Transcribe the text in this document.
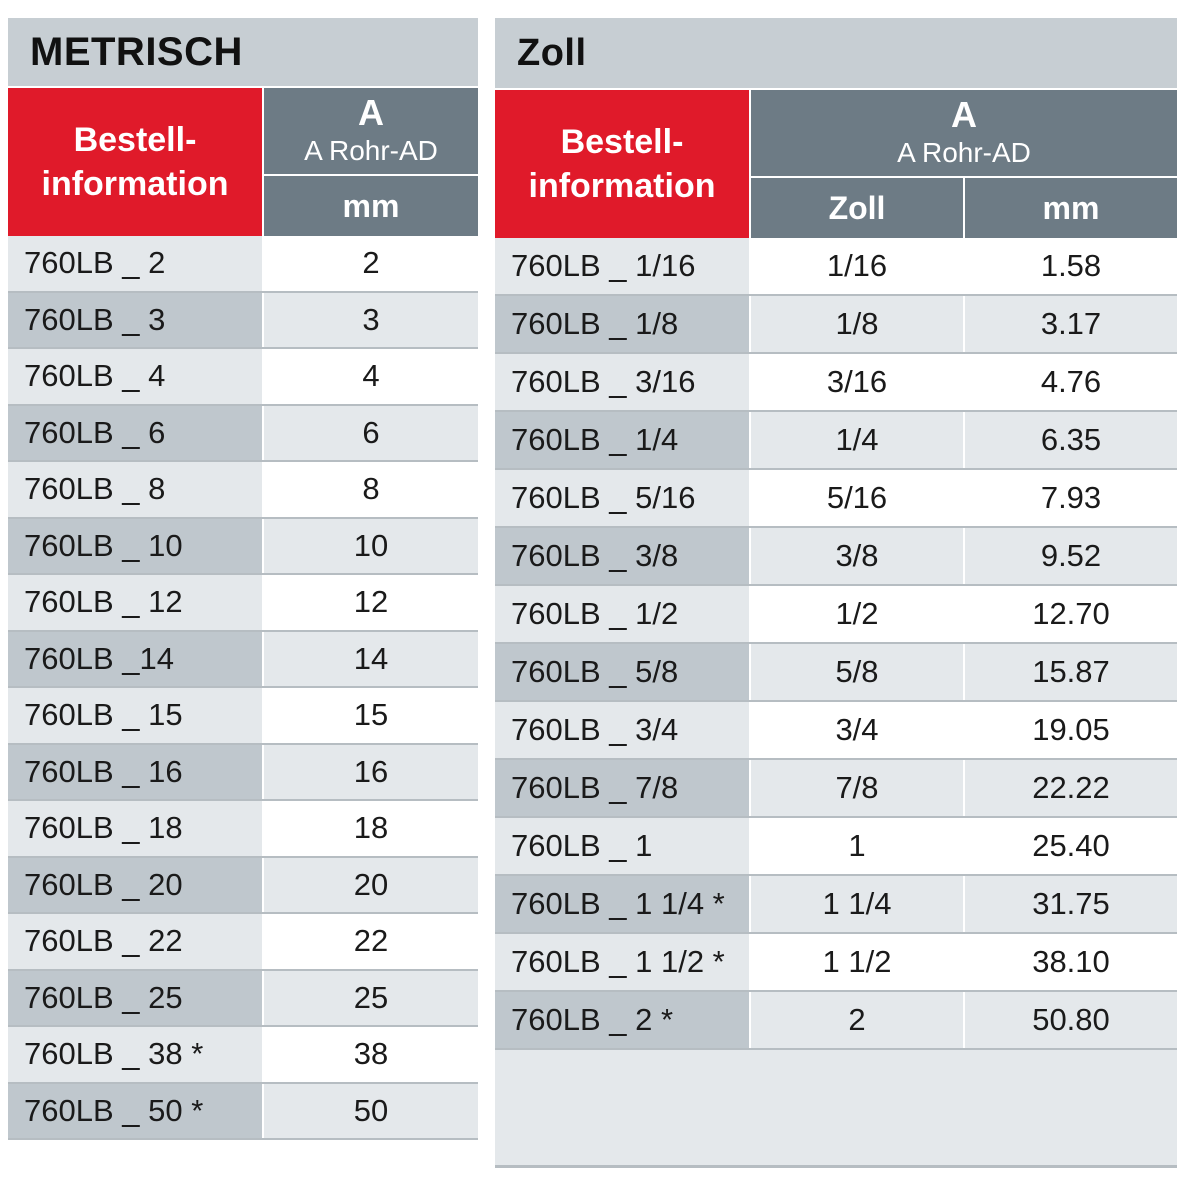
METRISCH
Bestell-
information
A
A Rohr-AD
mm
760LB _ 2	2
760LB _ 3	3
760LB _ 4	4
760LB _ 6	6
760LB _ 8	8
760LB _ 10	10
760LB _ 12	12
760LB _14	14
760LB _ 15	15
760LB _ 16	16
760LB _ 18	18
760LB _ 20	20
760LB _ 22	22
760LB _ 25	25
760LB _ 38 *	38
760LB _ 50 *	50
Zoll
Bestell-
information
A
A Rohr-AD
Zoll	mm
760LB _ 1/16	1/16	1.58
760LB _ 1/8	1/8	3.17
760LB _ 3/16	3/16	4.76
760LB _ 1/4	1/4	6.35
760LB _ 5/16	5/16	7.93
760LB _ 3/8	3/8	9.52
760LB _ 1/2	1/2	12.70
760LB _ 5/8	5/8	15.87
760LB _ 3/4	3/4	19.05
760LB _ 7/8	7/8	22.22
760LB _ 1	1	25.40
760LB _ 1 1/4 *	1 1/4	31.75
760LB _ 1 1/2 *	1 1/2	38.10
760LB _ 2 *	2	50.80
